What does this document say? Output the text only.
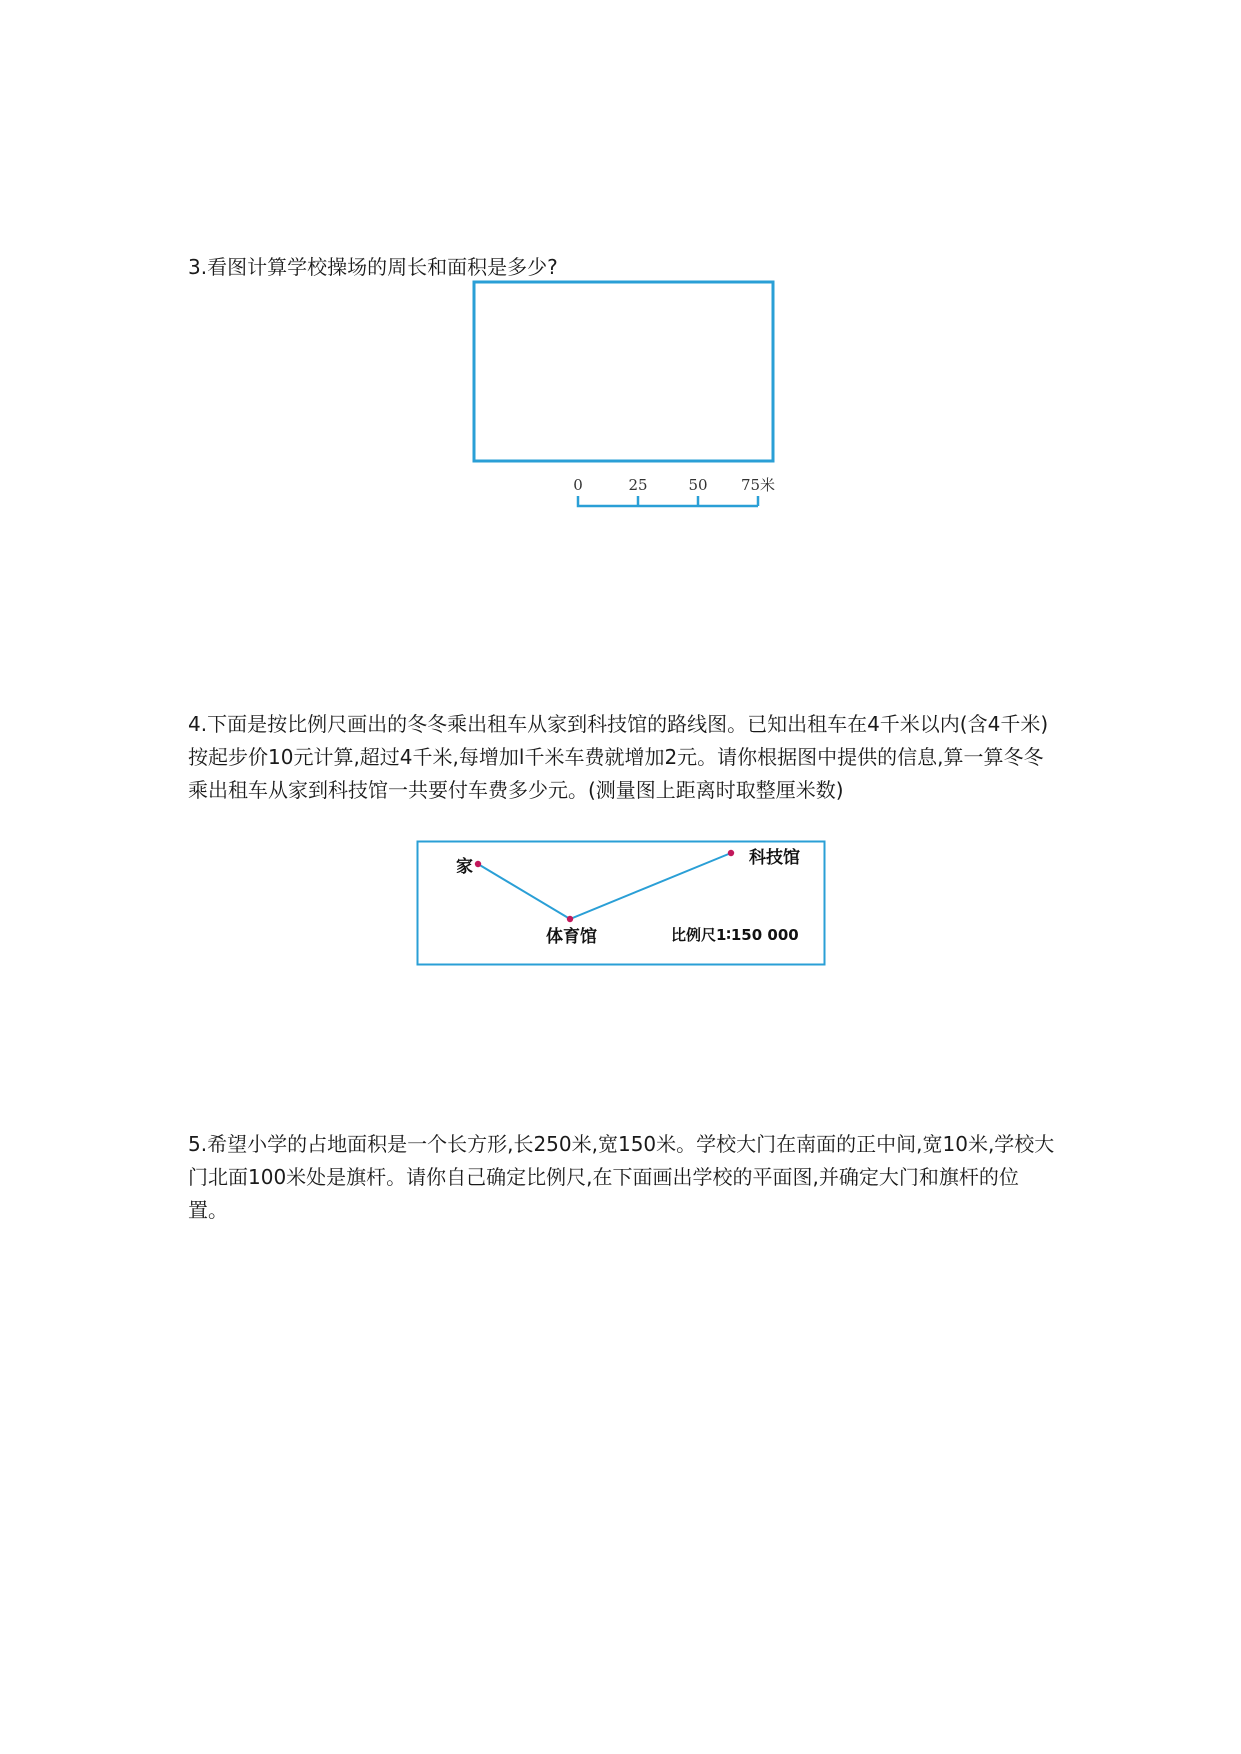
3.看图计算学校操场的周长和面积是多少?
0	25	50 75米
4.下面是按比例尺画出的冬冬乘出租车从家到科技馆的路线图。已知出租车在4千米以内(含4千米)按起步价10元计算,超过4千米,每增加l千米车费就增加2元。请你根据图中提供的信息,算一算冬冬乘出租车从家到科技馆一共要付车费多少元。(测量图上距离时取整厘米数)
家
体育馆
科技馆
比例尺1∶150 000
5.希望小学的占地面积是一个长方形,长250米,宽150米。学校大门在南面的正中间,宽10米,学校大门北面100米处是旗杆。请你自己确定比例尺,在下面画出学校的平面图,并确定大门和旗杆的位置。
